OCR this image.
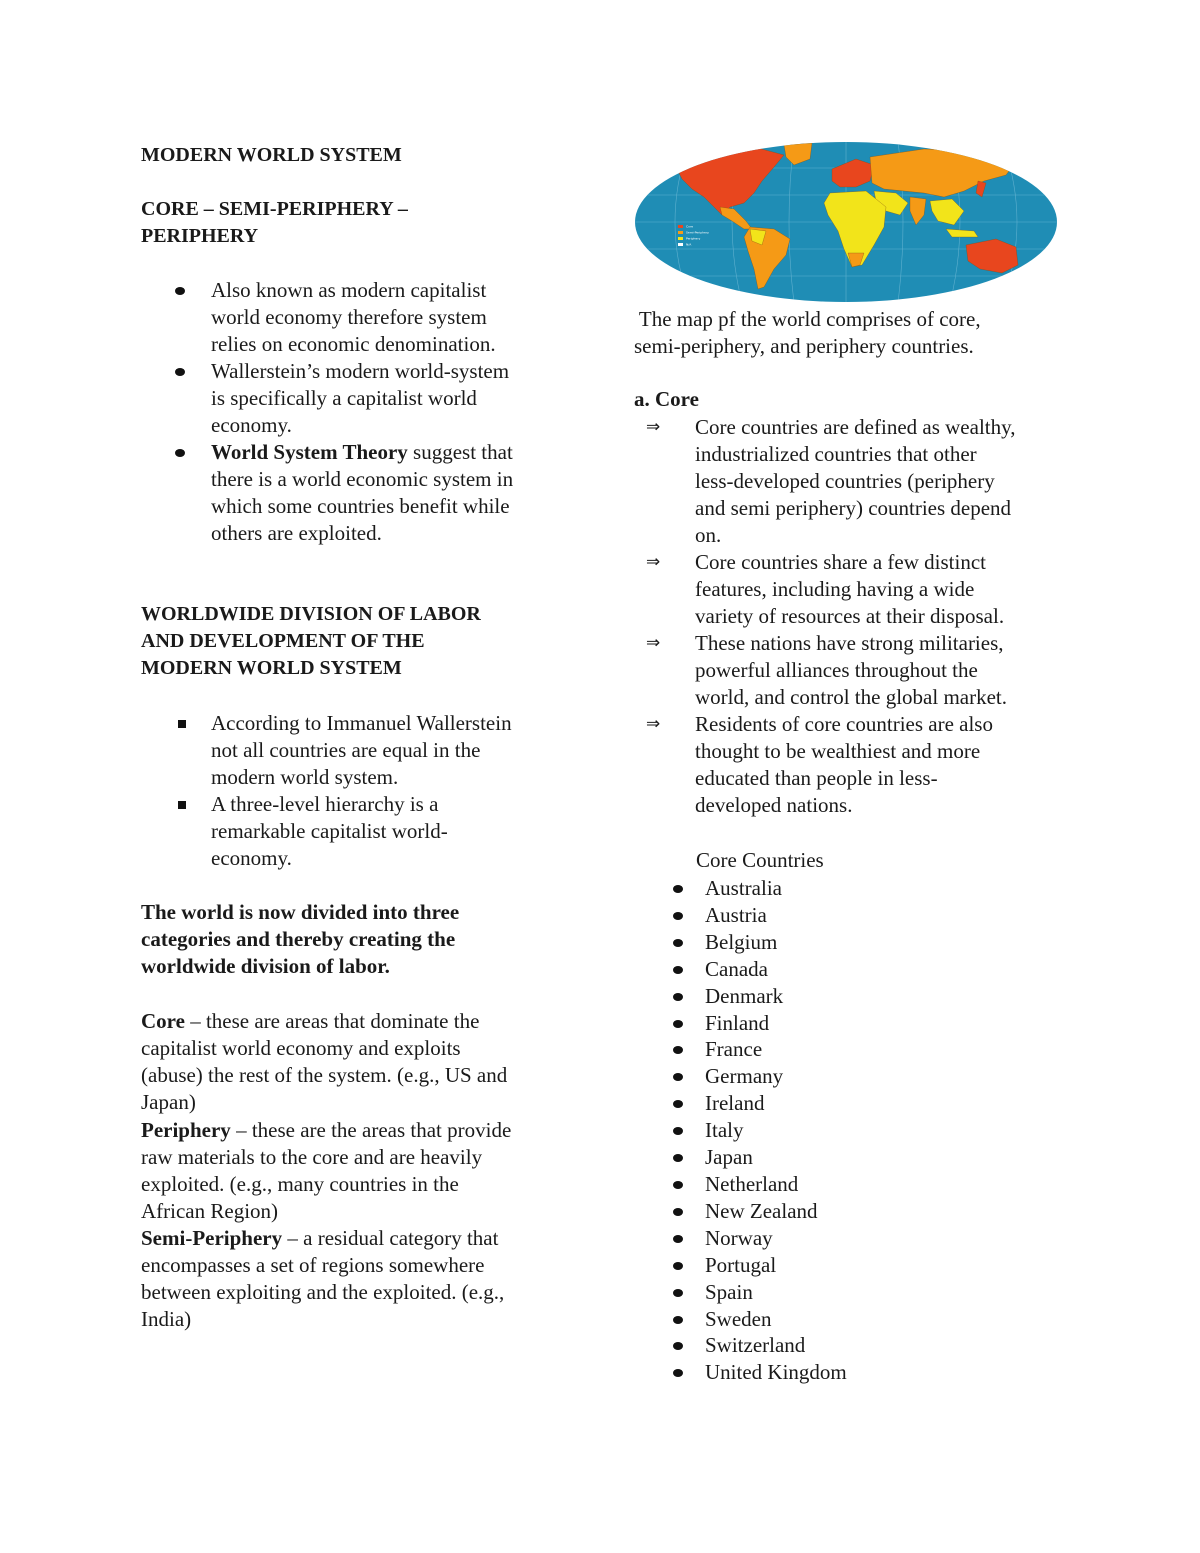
MODERN WORLD SYSTEM
CORE – SEMI-PERIPHERY –
PERIPHERY
Also known as modern capitalist
world economy therefore system
relies on economic denomination.
Wallerstein’s modern world-system
is specifically a capitalist world
economy.
World System Theory suggest that
there is a world economic system in
which some countries benefit while
others are exploited.
WORLDWIDE DIVISION OF LABOR
AND DEVELOPMENT OF THE
MODERN WORLD SYSTEM
According to Immanuel Wallerstein
not all countries are equal in the
modern world system.
A three-level hierarchy is a
remarkable capitalist world-
economy.
The world is now divided into three
categories and thereby creating the
worldwide division of labor.
Core – these are areas that dominate the
capitalist world economy and exploits
(abuse) the rest of the system. (e.g., US and
Japan)
Periphery – these are the areas that provide
raw materials to the core and are heavily
exploited. (e.g., many countries in the
African Region)
Semi-Periphery – a residual category that
encompasses a set of regions somewhere
between exploiting and the exploited. (e.g.,
India)
Core
Semi-Periphery
Periphery
N/A
The map pf the world comprises of core,
semi-periphery, and periphery countries.
a. Core
⇒ Core countries are defined as wealthy,
industrialized countries that other
less-developed countries (periphery
and semi periphery) countries depend
on.
⇒ Core countries share a few distinct
features, including having a wide
variety of resources at their disposal.
⇒ These nations have strong militaries,
powerful alliances throughout the
world, and control the global market.
⇒ Residents of core countries are also
thought to be wealthiest and more
educated than people in less-
developed nations.
Core Countries
Australia
Austria
Belgium
Canada
Denmark
Finland
France
Germany
Ireland
Italy
Japan
Netherland
New Zealand
Norway
Portugal
Spain
Sweden
Switzerland
United Kingdom
